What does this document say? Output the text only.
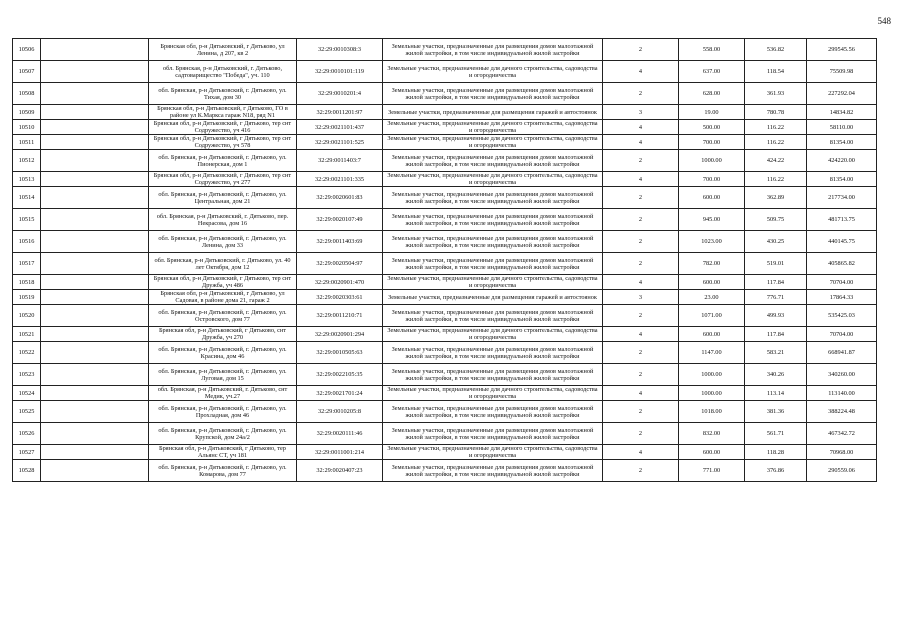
548
10506		Брянская обл, р-н Дятьковский, г Дятьково, ул Ленина, д 207, кв 2	32:29:0010308:3	Земельные участки, предназначенные для размещения домов малоэтажной жилой застройки, в том числе индивидуальной жилой застройки	2	558.00	536.82	299545.56
10507		обл. Брянская, р-н Дятьковский, г. Дятьково, садтоварищество "Победа", уч. 110	32:29:0010101:119	Земельные участки, предназначенные для дачного строительства, садоводства и огородничества	4	637.00	118.54	75509.98
10508		обл. Брянская, р-н Дятьковский, г. Дятьково, ул. Тихая, дом 30	32:29:0010201:4	Земельные участки, предназначенные для размещения домов малоэтажной жилой застройки, в том числе индивидуальной жилой застройки	2	628.00	361.93	227292.04
10509		Брянская обл, р-н Дятьковский, г Дятьково, ГО в районе ул К.Маркса гараж N18, ряд N1	32:29:0011201:97	Земельные участки, предназначенные для размещения гаражей и автостоянок	3	19.00	780.78	14834.82
10510		Брянская обл, р-н Дятьковский, г Дятьково, тер снт Содружество, уч 416	32:29:0021101:437	Земельные участки, предназначенные для дачного строительства, садоводства и огородничества	4	500.00	116.22	58110.00
10511		Брянская обл, р-н Дятьковский, г Дятьково, тер снт Содружество, уч 578	32:29:0021101:525	Земельные участки, предназначенные для дачного строительства, садоводства и огородничества	4	700.00	116.22	81354.00
10512		обл. Брянская, р-н Дятьковский, г. Дятьково, ул. Пионерская, дом 1	32:29:0011403:7	Земельные участки, предназначенные для размещения домов малоэтажной жилой застройки, в том числе индивидуальной жилой застройки	2	1000.00	424.22	424220.00
10513		Брянская обл, р-н Дятьковский, г Дятьково, тер снт Содружество, уч 277	32:29:0021101:335	Земельные участки, предназначенные для дачного строительства, садоводства и огородничества	4	700.00	116.22	81354.00
10514		обл. Брянская, р-н Дятьковский, г. Дятьково, ул. Центральная, дом 21	32:29:0020601:83	Земельные участки, предназначенные для размещения домов малоэтажной жилой застройки, в том числе индивидуальной жилой застройки	2	600.00	362.89	217734.00
10515		обл. Брянская, р-н Дятьковский, г. Дятьково, пер. Некрасова, дом 16	32:29:0020107:49	Земельные участки, предназначенные для размещения домов малоэтажной жилой застройки, в том числе индивидуальной жилой застройки	2	945.00	509.75	481713.75
10516		обл. Брянская, р-н Дятьковский, г. Дятьково, ул. Ленина, дом 33	32:29:0011403:69	Земельные участки, предназначенные для размещения домов малоэтажной жилой застройки, в том числе индивидуальной жилой застройки	2	1023.00	430.25	440145.75
10517		обл. Брянская, р-н Дятьковский, г. Дятьково, ул. 40 лет Октября, дом 12	32:29:0020504:97	Земельные участки, предназначенные для размещения домов малоэтажной жилой застройки, в том числе индивидуальной жилой застройки	2	782.00	519.01	405865.82
10518		Брянская обл, р-н Дятьковский, г Дятьково, тер снт Дружба, уч 486	32:29:0020901:470	Земельные участки, предназначенные для дачного строительства, садоводства и огородничества	4	600.00	117.84	70704.00
10519		Брянская обл, р-н Дятьковский, г Дятьково, ул Садовая, в районе дома 21, гараж 2	32:29:0020303:61	Земельные участки, предназначенные для размещения гаражей и автостоянок	3	23.00	776.71	17864.33
10520		обл. Брянская, р-н Дятьковский, г. Дятьково, ул. Островского, дом 77	32:29:0011210:71	Земельные участки, предназначенные для размещения домов малоэтажной жилой застройки, в том числе индивидуальной жилой застройки	2	1071.00	499.93	535425.03
10521		Брянская обл, р-н Дятьковский, г Дятьково, снт Дружба, уч 270	32:29:0020901:294	Земельные участки, предназначенные для дачного строительства, садоводства и огородничества	4	600.00	117.84	70704.00
10522		обл. Брянская, р-н Дятьковский, г. Дятьково, ул. Красина, дом 46	32:29:0010505:63	Земельные участки, предназначенные для размещения домов малоэтажной жилой застройки, в том числе индивидуальной жилой застройки	2	1147.00	583.21	668941.87
10523		обл. Брянская, р-н Дятьковский, г. Дятьково, ул. Луговая, дом 15	32:29:0022105:35	Земельные участки, предназначенные для размещения домов малоэтажной жилой застройки, в том числе индивидуальной жилой застройки	2	1000.00	340.26	340260.00
10524		обл. Брянская, р-н Дятьковский, г. Дятьково, снт Медик, уч.27	32:29:0021701:24	Земельные участки, предназначенные для дачного строительства, садоводства и огородничества	4	1000.00	113.14	113140.00
10525		обл. Брянская, р-н Дятьковский, г. Дятьково, ул. Прохладная, дом 46	32:29:0010205:8	Земельные участки, предназначенные для размещения домов малоэтажной жилой застройки, в том числе индивидуальной жилой застройки	2	1018.00	381.36	388224.48
10526		обл. Брянская, р-н Дятьковский, г. Дятьково, ул. Крупской, дом 24а/2	32:29:0020111:46	Земельные участки, предназначенные для размещения домов малоэтажной жилой застройки, в том числе индивидуальной жилой застройки	2	832.00	561.71	467342.72
10527		Брянская обл, р-н Дятьковский, г Дятьково, тер Альянс СТ, уч 181	32:29:0011001:214	Земельные участки, предназначенные для дачного строительства, садоводства и огородничества	4	600.00	118.28	70968.00
10528		обл. Брянская, р-н Дятьковский, г. Дятьково, ул. Комарова, дом 77	32:29:0020407:23	Земельные участки, предназначенные для размещения домов малоэтажной жилой застройки, в том числе индивидуальной жилой застройки	2	771.00	376.86	290559.06
